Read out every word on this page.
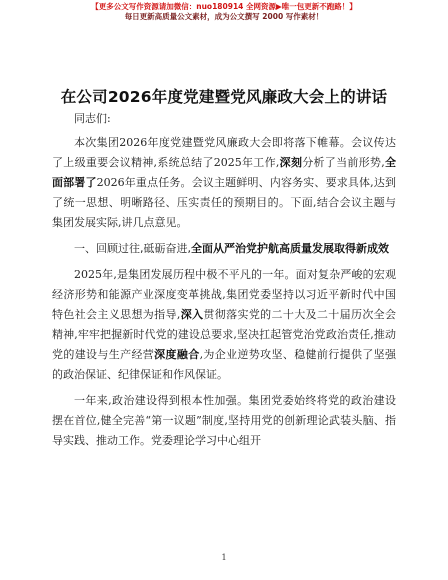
【更多公文写作资源请加微信：nuo180914 全网资源▶唯一包更新不跑路！】
每日更新高质量公文素材，成为公文撰写 2000 写作素材！
在公司2026年度党建暨党风廉政大会上的讲话

同志们:

本次集团2026年度党建暨党风廉政大会即将落下帷幕。会议传达了上级重要会议精神,系统总结了2025年工作,深刻分析了当前形势,全面部署了2026年重点任务。会议主题鲜明、内容务实、要求具体,达到了统一思想、明晰路径、压实责任的预期目的。下面,结合会议主题与集团发展实际,讲几点意见。

一、回顾过往,砥砺奋进,全面从严治党护航高质量发展取得新成效

2025年,是集团发展历程中极不平凡的一年。面对复杂严峻的宏观经济形势和能源产业深度变革挑战,集团党委坚持以习近平新时代中国特色社会主义思想为指导,深入贯彻落实党的二十大及二十届历次全会精神,牢牢把握新时代党的建设总要求,坚决扛起管党治党政治责任,推动党的建设与生产经营深度融合,为企业逆势攻坚、稳健前行提供了坚强的政治保证、纪律保证和作风保证。

一年来,政治建设得到根本性加强。集团党委始终将党的政治建设摆在首位,健全完善“第一议题”制度,坚持用党的创新理论武装头脑、指导实践、推动工作。党委理论学习中心组开

1
